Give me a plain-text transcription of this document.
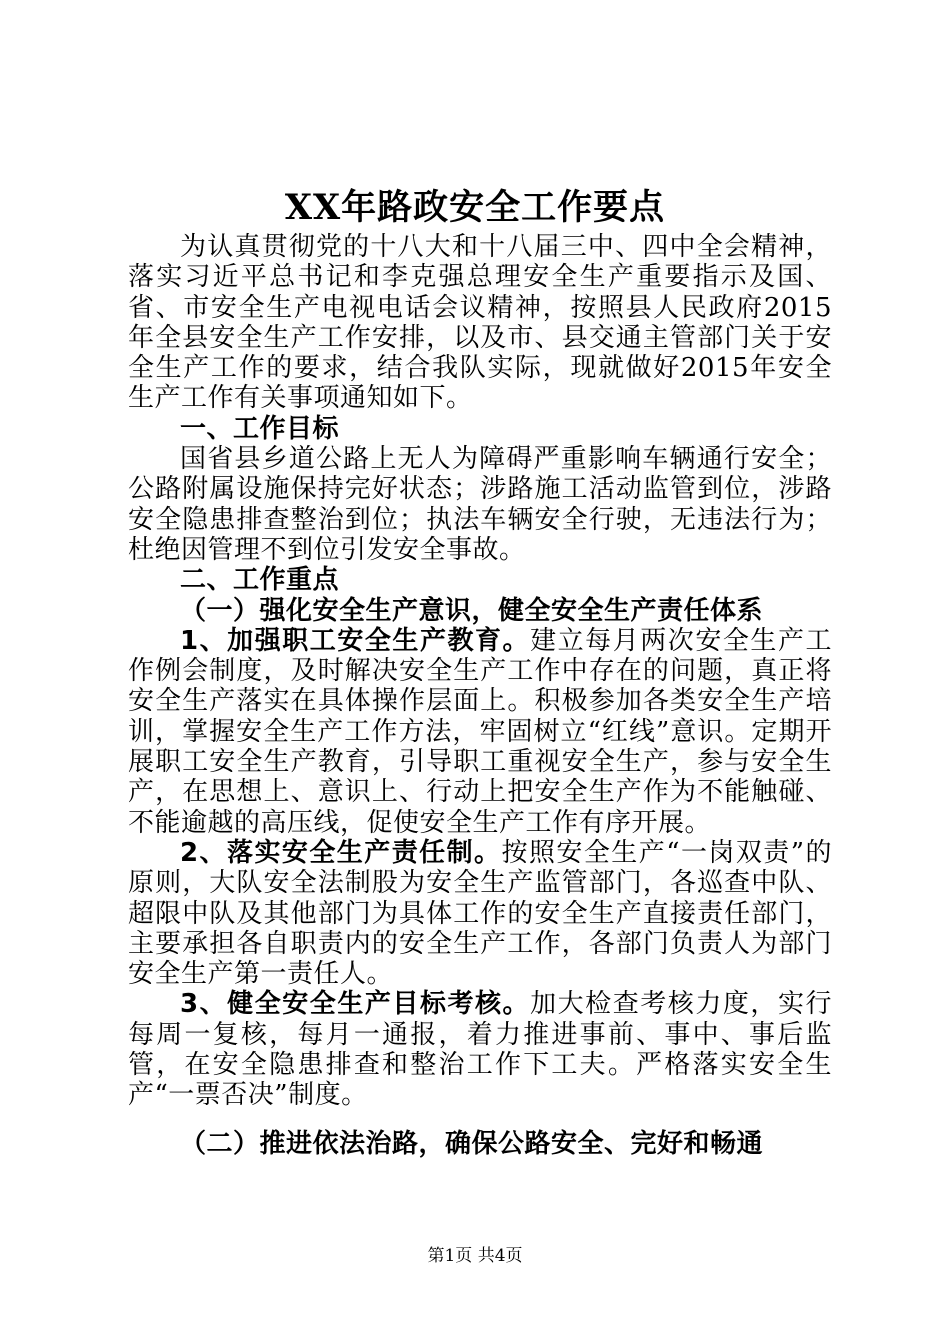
XX年路政安全工作要点

为认真贯彻党的十八大和十八届三中、四中全会精神，落实习近平总书记和李克强总理安全生产重要指示及国、省、市安全生产电视电话会议精神，按照县人民政府2015年全县安全生产工作安排，以及市、县交通主管部门关于安全生产工作的要求，结合我队实际，现就做好2015年安全生产工作有关事项通知如下。

一、工作目标

国省县乡道公路上无人为障碍严重影响车辆通行安全；公路附属设施保持完好状态；涉路施工活动监管到位，涉路安全隐患排查整治到位；执法车辆安全行驶，无违法行为；杜绝因管理不到位引发安全事故。

二、工作重点

（一）强化安全生产意识，健全安全生产责任体系

1、加强职工安全生产教育。建立每月两次安全生产工作例会制度，及时解决安全生产工作中存在的问题，真正将安全生产落实在具体操作层面上。积极参加各类安全生产培训，掌握安全生产工作方法，牢固树立“红线”意识。定期开展职工安全生产教育，引导职工重视安全生产，参与安全生产，在思想上、意识上、行动上把安全生产作为不能触碰、不能逾越的高压线，促使安全生产工作有序开展。

2、落实安全生产责任制。按照安全生产“一岗双责”的原则，大队安全法制股为安全生产监管部门，各巡查中队、超限中队及其他部门为具体工作的安全生产直接责任部门，主要承担各自职责内的安全生产工作，各部门负责人为部门安全生产第一责任人。

3、健全安全生产目标考核。加大检查考核力度，实行每周一复核，每月一通报，着力推进事前、事中、事后监管，在安全隐患排查和整治工作下工夫。严格落实安全生产“一票否决”制度。

（二）推进依法治路，确保公路安全、完好和畅通

第1页 共4页
